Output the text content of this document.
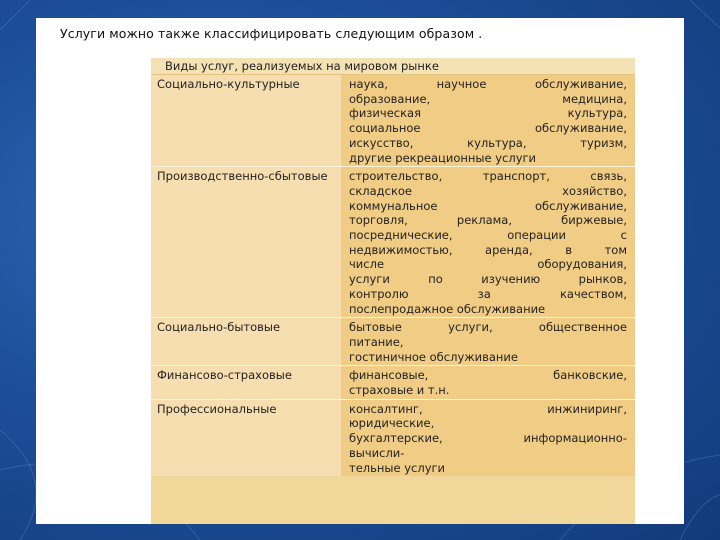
Услуги можно также классифицировать следующим образом .
Виды услуг, реализуемых на мировом рынке
Социально-культурные	наука, научное обслуживание,
образование, медицина,
физическая культура,
социальное обслуживание,
искусство, культура, туризм,
другие рекреационные услуги
Производственно-сбытовые	строительство, транспорт, связь,
складское хозяйство,
коммунальное обслуживание,
торговля, реклама, биржевые,
посреднические, операции с
недвижимостью, аренда, в том
числе оборудования,
услуги по изучению рынков,
контролю за качеством,
послепродажное обслуживание
Социально-бытовые	бытовые услуги, общественное
питание,
гостиничное обслуживание
Финансово-страховые	финансовые, банковские,
страховые и т.н.
Профессиональные	консалтинг, инжиниринг,
юридические,
бухгалтерские, информационно-
вычисли-
тельные услуги
